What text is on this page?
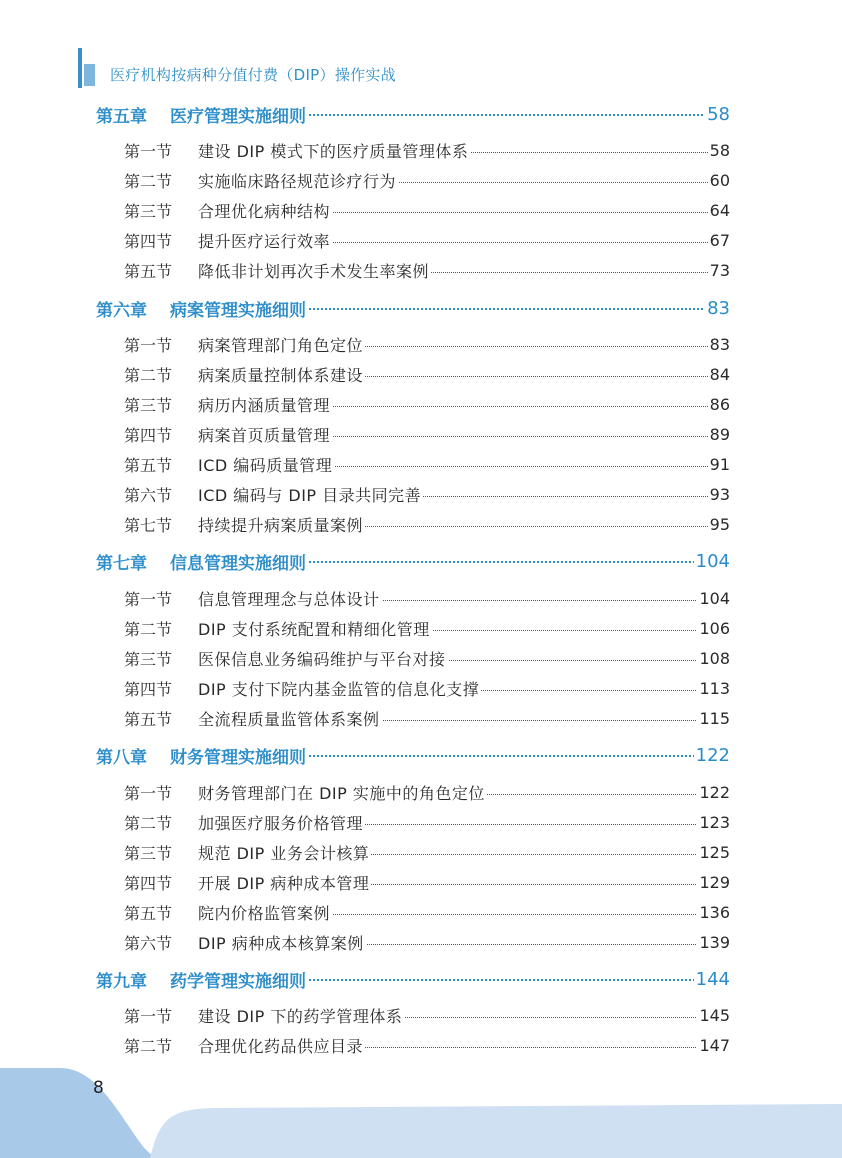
医疗机构按病种分值付费（DIP）操作实战
第五章 医疗管理实施细则	58
第一节 建设 DIP 模式下的医疗质量管理体系	58
第二节 实施临床路径规范诊疗行为	60
第三节 合理优化病种结构	64
第四节 提升医疗运行效率	67
第五节 降低非计划再次手术发生率案例	73
第六章 病案管理实施细则	83
第一节 病案管理部门角色定位	83
第二节 病案质量控制体系建设	84
第三节 病历内涵质量管理	86
第四节 病案首页质量管理	89
第五节 ICD 编码质量管理	91
第六节 ICD 编码与 DIP 目录共同完善	93
第七节 持续提升病案质量案例	95
第七章 信息管理实施细则	104
第一节 信息管理理念与总体设计	104
第二节 DIP 支付系统配置和精细化管理	106
第三节 医保信息业务编码维护与平台对接	108
第四节 DIP 支付下院内基金监管的信息化支撑	113
第五节 全流程质量监管体系案例	115
第八章 财务管理实施细则	122
第一节 财务管理部门在 DIP 实施中的角色定位	122
第二节 加强医疗服务价格管理	123
第三节 规范 DIP 业务会计核算	125
第四节 开展 DIP 病种成本管理	129
第五节 院内价格监管案例	136
第六节 DIP 病种成本核算案例	139
第九章 药学管理实施细则	144
第一节 建设 DIP 下的药学管理体系	145
第二节 合理优化药品供应目录	147
8
